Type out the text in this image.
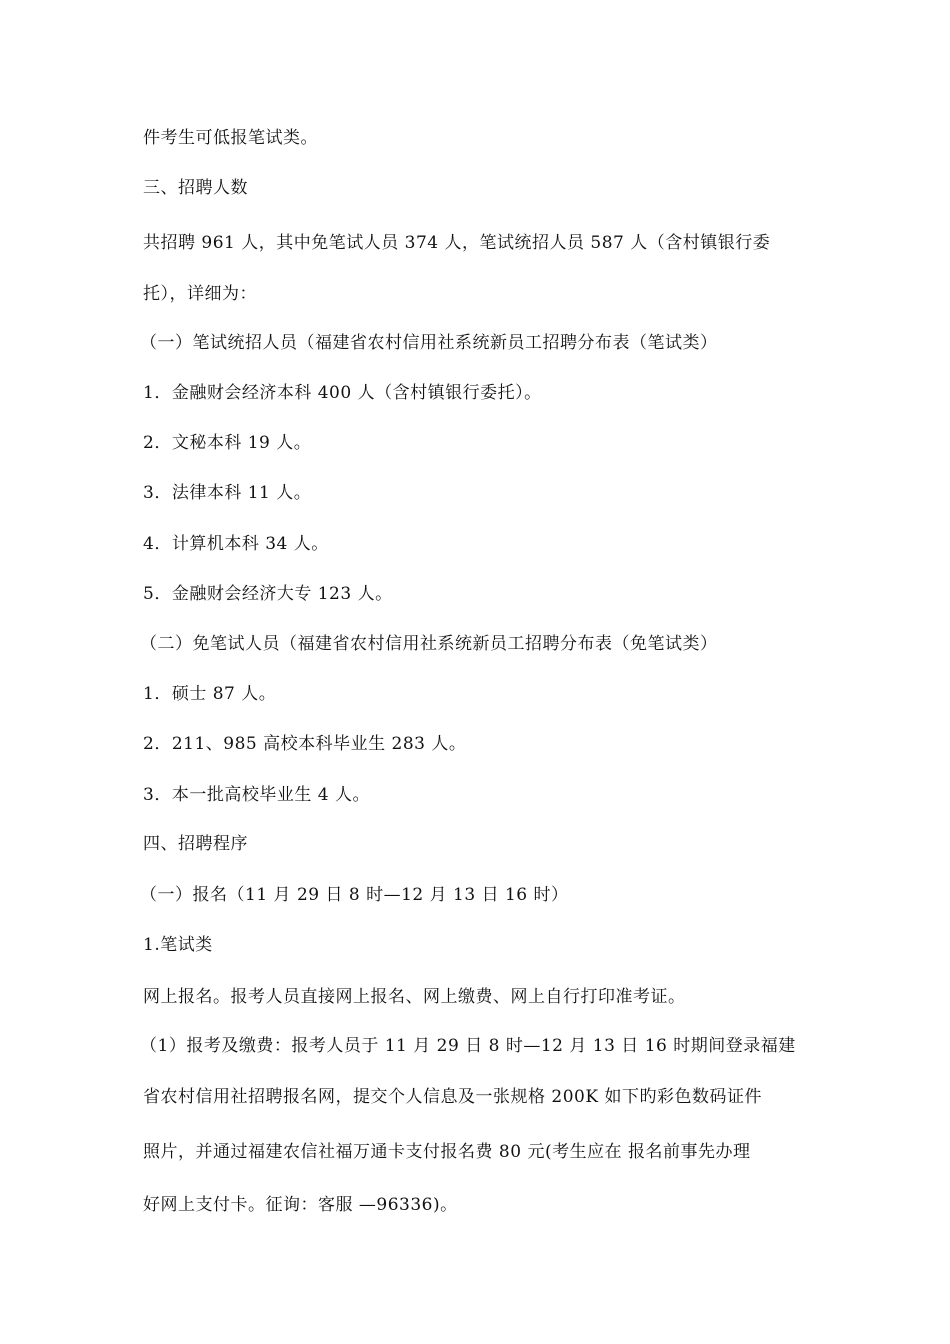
件考生可低报笔试类。
三、招聘人数
共招聘 961 人，其中免笔试人员 374 人，笔试统招人员 587 人（含村镇银行委
托），详细为：
（一）笔试统招人员（福建省农村信用社系统新员工招聘分布表（笔试类）
1．金融财会经济本科 400 人（含村镇银行委托）。
2．文秘本科 19 人。
3．法律本科 11 人。
4．计算机本科 34 人。
5．金融财会经济大专 123 人。
（二）免笔试人员（福建省农村信用社系统新员工招聘分布表（免笔试类）
1．硕士 87 人。
2．211、985 高校本科毕业生 283 人。
3．本一批高校毕业生 4 人。
四、招聘程序
（一）报名（11 月 29 日 8 时—12 月 13 日 16 时）
1.笔试类
网上报名。报考人员直接网上报名、网上缴费、网上自行打印准考证。
（1）报考及缴费：报考人员于 11 月 29 日 8 时—12 月 13 日 16 时期间登录福建
省农村信用社招聘报名网，提交个人信息及一张规格 200K 如下旳彩色数码证件
照片，并通过福建农信社福万通卡支付报名费 80 元(考生应在 报名前事先办理
好网上支付卡。征询：客服 —96336)。
